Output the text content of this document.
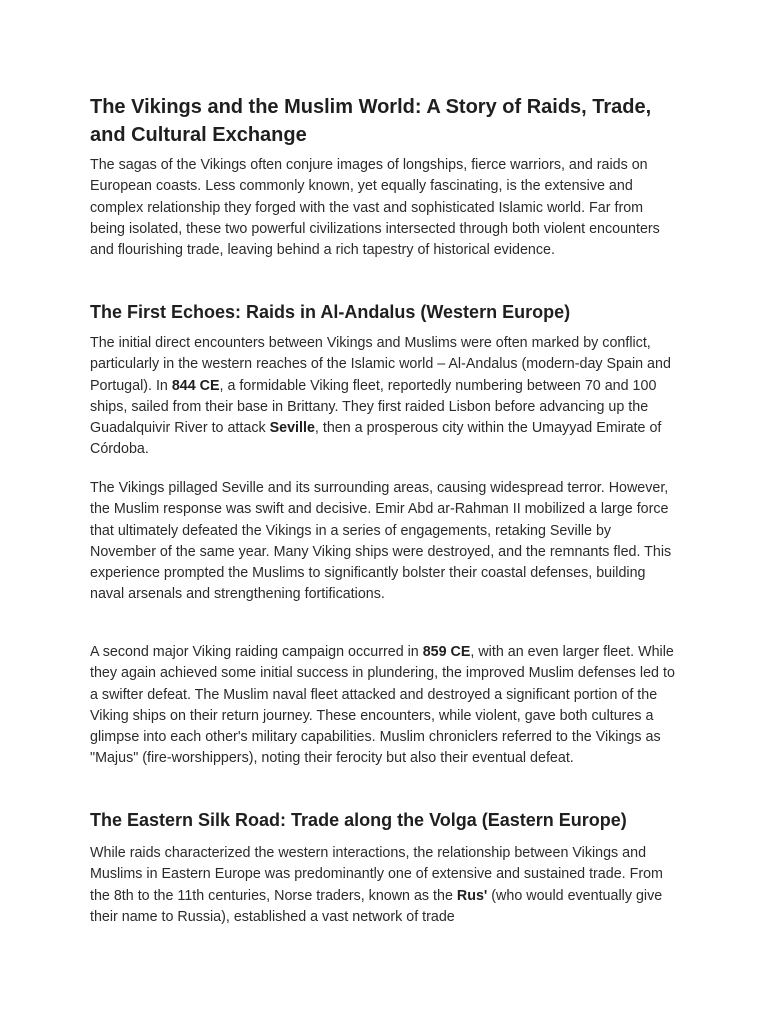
The Vikings and the Muslim World: A Story of Raids, Trade, and Cultural Exchange

The sagas of the Vikings often conjure images of longships, fierce warriors, and raids on European coasts. Less commonly known, yet equally fascinating, is the extensive and complex relationship they forged with the vast and sophisticated Islamic world. Far from being isolated, these two powerful civilizations intersected through both violent encounters and flourishing trade, leaving behind a rich tapestry of historical evidence.

The First Echoes: Raids in Al-Andalus (Western Europe)

The initial direct encounters between Vikings and Muslims were often marked by conflict, particularly in the western reaches of the Islamic world – Al-Andalus (modern-day Spain and Portugal). In 844 CE, a formidable Viking fleet, reportedly numbering between 70 and 100 ships, sailed from their base in Brittany. They first raided Lisbon before advancing up the Guadalquivir River to attack Seville, then a prosperous city within the Umayyad Emirate of Córdoba.

The Vikings pillaged Seville and its surrounding areas, causing widespread terror. However, the Muslim response was swift and decisive. Emir Abd ar-Rahman II mobilized a large force that ultimately defeated the Vikings in a series of engagements, retaking Seville by November of the same year. Many Viking ships were destroyed, and the remnants fled. This experience prompted the Muslims to significantly bolster their coastal defenses, building naval arsenals and strengthening fortifications.

A second major Viking raiding campaign occurred in 859 CE, with an even larger fleet. While they again achieved some initial success in plundering, the improved Muslim defenses led to a swifter defeat. The Muslim naval fleet attacked and destroyed a significant portion of the Viking ships on their return journey. These encounters, while violent, gave both cultures a glimpse into each other's military capabilities. Muslim chroniclers referred to the Vikings as "Majus" (fire-worshippers), noting their ferocity but also their eventual defeat.

The Eastern Silk Road: Trade along the Volga (Eastern Europe)

While raids characterized the western interactions, the relationship between Vikings and Muslims in Eastern Europe was predominantly one of extensive and sustained trade. From the 8th to the 11th centuries, Norse traders, known as the Rus' (who would eventually give their name to Russia), established a vast network of trade
